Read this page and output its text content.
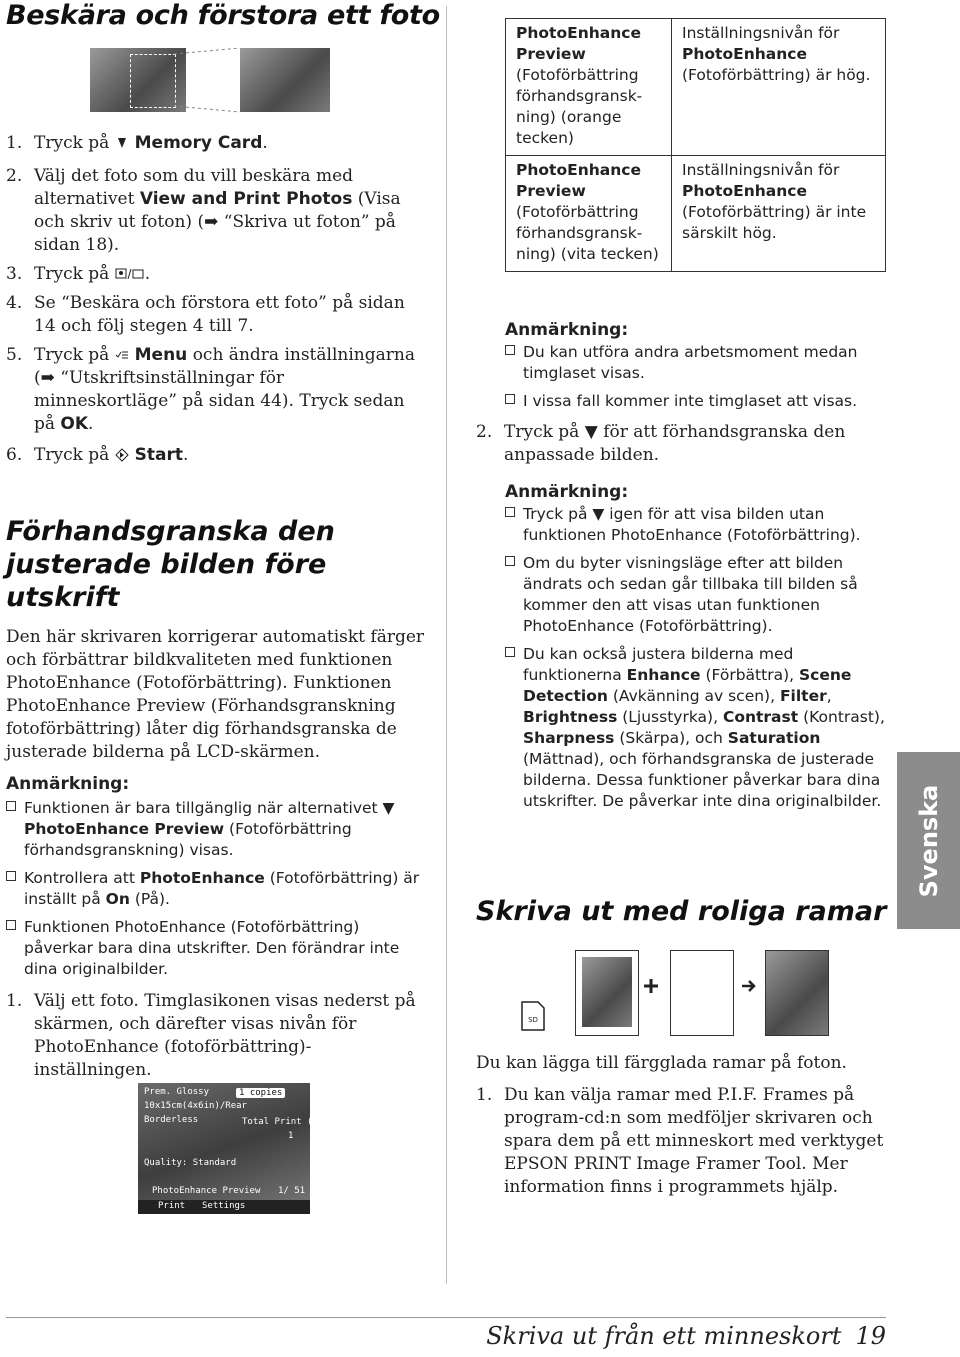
Beskära och förstora ett foto
1. Tryck på  Memory Card.
2. Välj det foto som du vill beskära med alternativet View and Print Photos (Visa och skriv ut foton) (➡ “Skriva ut foton” på sidan 18).
3. Tryck på .
4. Se “Beskära och förstora ett foto” på sidan 14 och följ stegen 4 till 7.
5. Tryck på  Menu och ändra inställningarna (➡ “Utskriftsinställningar för minneskortläge” på sidan 44). Tryck sedan på OK.
6. Tryck på  Start.
Förhandsgranska den justerade bilden före utskrift

Den här skrivaren korrigerar automatiskt färger och förbättrar bildkvaliteten med funktionen PhotoEnhance (Fotoförbättring). Funktionen PhotoEnhance Preview (Förhandsgranskning fotoförbättring) låter dig förhandsgranska de justerade bilderna på LCD-skärmen.

Anmärkning:
Funktionen är bara tillgänglig när alternativet ▼ PhotoEnhance Preview (Fotoförbättring förhandsgranskning) visas.
Kontrollera att PhotoEnhance (Fotoförbättring) är inställt på On (På).
Funktionen PhotoEnhance (Fotoförbättring) påverkar bara dina utskrifter. Den förändrar inte dina originalbilder.
1. Välj ett foto. Timglasikonen visas nederst på skärmen, och därefter visas nivån för PhotoEnhance (fotoförbättring)-inställningen.
Prem. Glossy
10x15cm(4x6in)/Rear
Borderless
1 copies
Total Print (s)
1
Quality: Standard
PhotoEnhance Preview 1/ 51
Print Settings
PhotoEnhance Preview (Fotoförbättring förhandsgransk-ning) (orange tecken)	Inställningsnivån för PhotoEnhance (Fotoförbättring) är hög.
PhotoEnhance Preview (Fotoförbättring förhandsgransk-ning) (vita tecken)	Inställningsnivån för PhotoEnhance (Fotoförbättring) är inte särskilt hög.
Anmärkning:
Du kan utföra andra arbetsmoment medan timglaset visas.
I vissa fall kommer inte timglaset att visas.
2. Tryck på ▼ för att förhandsgranska den anpassade bilden.
Anmärkning:
Tryck på ▼ igen för att visa bilden utan funktionen PhotoEnhance (Fotoförbättring).
Om du byter visningsläge efter att bilden ändrats och sedan går tillbaka till bilden så kommer den att visas utan funktionen PhotoEnhance (Fotoförbättring).
Du kan också justera bilderna med funktionerna Enhance (Förbättra), Scene Detection (Avkänning av scen), Filter, Brightness (Ljusstyrka), Contrast (Kontrast), Sharpness (Skärpa), och Saturation (Mättnad), och förhandsgranska de justerade bilderna. Dessa funktioner påverkar bara dina utskrifter. De påverkar inte dina originalbilder.
Skriva ut med roliga ramar
SD

Du kan lägga till färgglada ramar på foton.

1. Du kan välja ramar med P.I.F. Frames på program-cd:n som medföljer skrivaren och spara dem på ett minneskort med verktyget EPSON PRINT Image Framer Tool. Mer information finns i programmets hjälp.
Svenska
Skriva ut från ett minneskort 19
